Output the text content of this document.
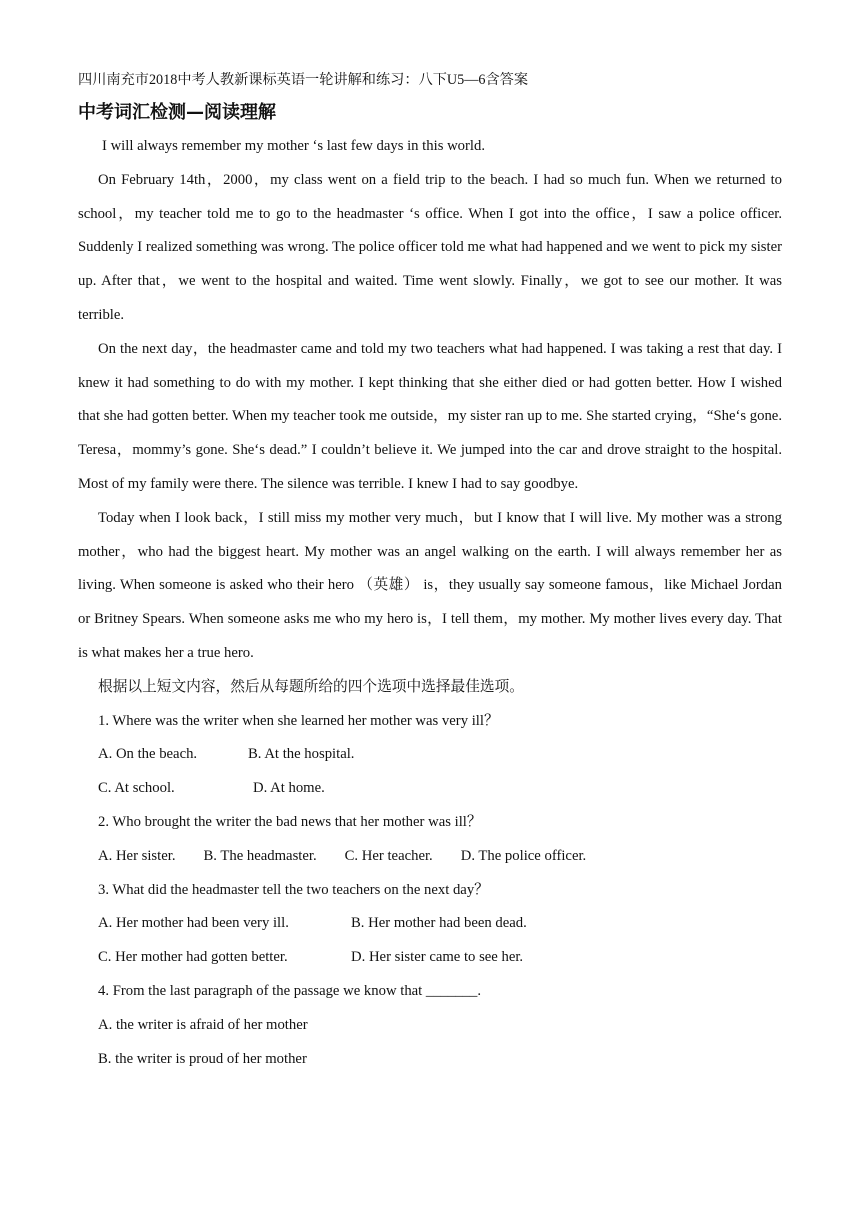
四川南充市2018中考人教新课标英语一轮讲解和练习：八下U5—6含答案
中考词汇检测—阅读理解

I will always remember my mother ‘s last few days in this world.

On February 14th，2000，my class went on a field trip to the beach. I had so much fun. When we returned to school，my teacher told me to go to the headmaster ‘s office. When I got into the office，I saw a police officer. Suddenly I realized something was wrong. The police officer told me what had happened and we went to pick my sister up. After that，we went to the hospital and waited. Time went slowly. Finally，we got to see our mother. It was terrible.

On the next day，the headmaster came and told my two teachers what had happened. I was taking a rest that day. I knew it had something to do with my mother. I kept thinking that she either died or had gotten better. How I wished that she had gotten better. When my teacher took me outside，my sister ran up to me. She started crying，“She‘s gone. Teresa，mommy’s gone. She‘s dead.” I couldn’t believe it. We jumped into the car and drove straight to the hospital. Most of my family were there. The silence was terrible. I knew I had to say goodbye.

Today when I look back，I still miss my mother very much，but I know that I will live. My mother was a strong mother，who had the biggest heart. My mother was an angel walking on the earth. I will always remember her as living. When someone is asked who their hero （英雄） is，they usually say someone famous，like Michael Jordan or Britney Spears. When someone asks me who my hero is，I tell them，my mother. My mother lives every day. That is what makes her a true hero.

根据以上短文内容，然后从每题所给的四个选项中选择最佳选项。
1. Where was the writer when she learned her mother was very ill？
A. On the beach.	B. At the hospital.
C. At school.	D. At home.
2. Who brought the writer the bad news that her mother was ill？
A. Her sister. B. The headmaster. C. Her teacher. D. The police officer.
3. What did the headmaster tell the two teachers on the next day？
A. Her mother had been very ill.	B. Her mother had been dead.
C. Her mother had gotten better.	D. Her sister came to see her.
4. From the last paragraph of the passage we know that _______.
A. the writer is afraid of her mother
B. the writer is proud of her mother
